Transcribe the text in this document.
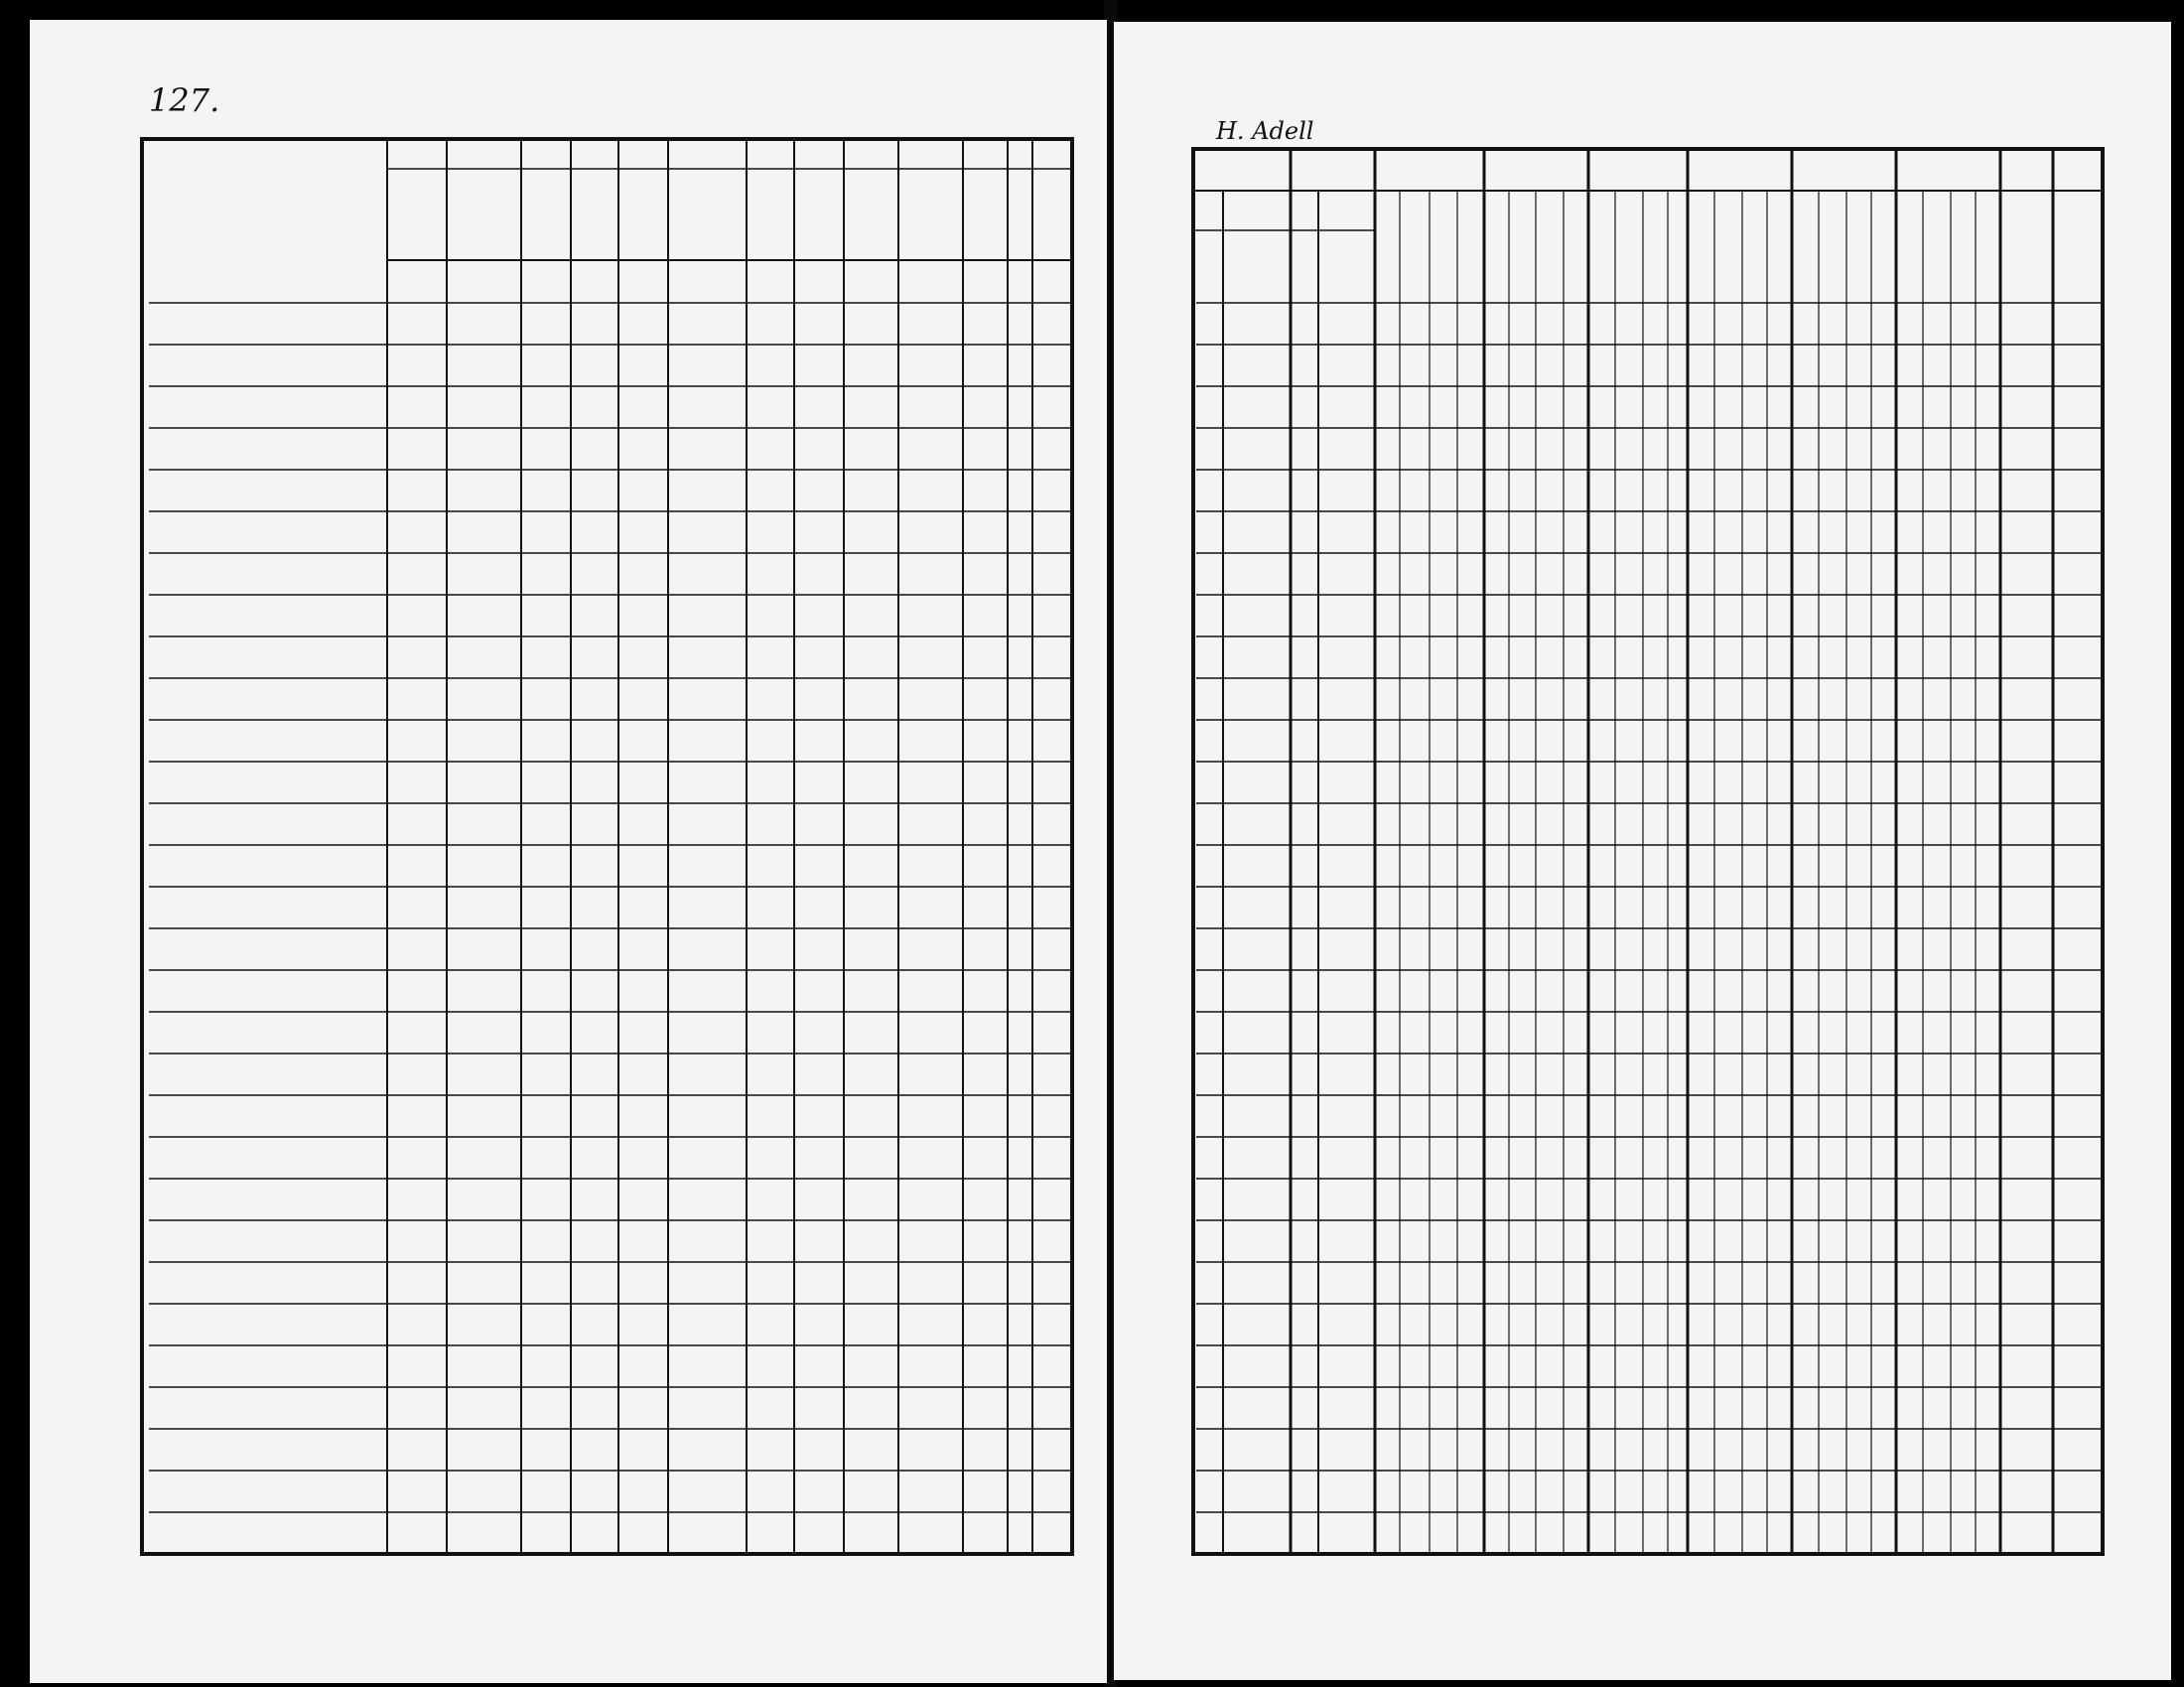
127.
H. Adell
